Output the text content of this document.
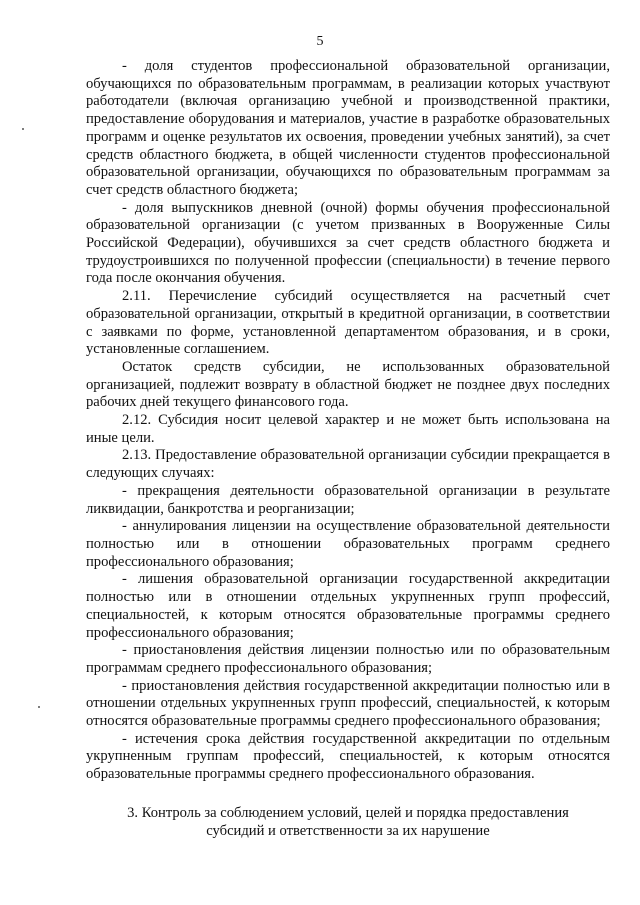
5

- доля студентов профессиональной образовательной организации, обучающихся по образовательным программам, в реализации которых участвуют работодатели (включая организацию учебной и производственной практики, предоставление оборудования и материалов, участие в разработке образовательных программ и оценке результатов их освоения, проведении учебных занятий), за счет средств областного бюджета, в общей численности студентов профессиональной образовательной организации, обучающихся по образовательным программам за счет средств областного бюджета;

- доля выпускников дневной (очной) формы обучения профессиональной образовательной организации (с учетом призванных в Вооруженные Силы Российской Федерации), обучившихся за счет средств областного бюджета и трудоустроившихся по полученной профессии (специальности) в течение первого года после окончания обучения.

2.11. Перечисление субсидий осуществляется на расчетный счет образовательной организации, открытый в кредитной организации, в соответствии с заявками по форме, установленной департаментом образования, и в сроки, установленные соглашением.

Остаток средств субсидии, не использованных образовательной организацией, подлежит возврату в областной бюджет не позднее двух последних рабочих дней текущего финансового года.

2.12. Субсидия носит целевой характер и не может быть использована на иные цели.

2.13. Предоставление образовательной организации субсидии прекращается в следующих случаях:

- прекращения деятельности образовательной организации в результате ликвидации, банкротства и реорганизации;

- аннулирования лицензии на осуществление образовательной деятельности полностью или в отношении образовательных программ среднего профессионального образования;

- лишения образовательной организации государственной аккредитации полностью или в отношении отдельных укрупненных групп профессий, специальностей, к которым относятся образовательные программы среднего профессионального образования;

- приостановления действия лицензии полностью или по образовательным программам среднего профессионального образования;

- приостановления действия государственной аккредитации полностью или в отношении отдельных укрупненных групп профессий, специальностей, к которым относятся образовательные программы среднего профессионального образования;

- истечения срока действия государственной аккредитации по отдельным укрупненным группам профессий, специальностей, к которым относятся образовательные программы среднего профессионального образования.

3. Контроль за соблюдением условий, целей и порядка предоставления
субсидий и ответственности за их нарушение
